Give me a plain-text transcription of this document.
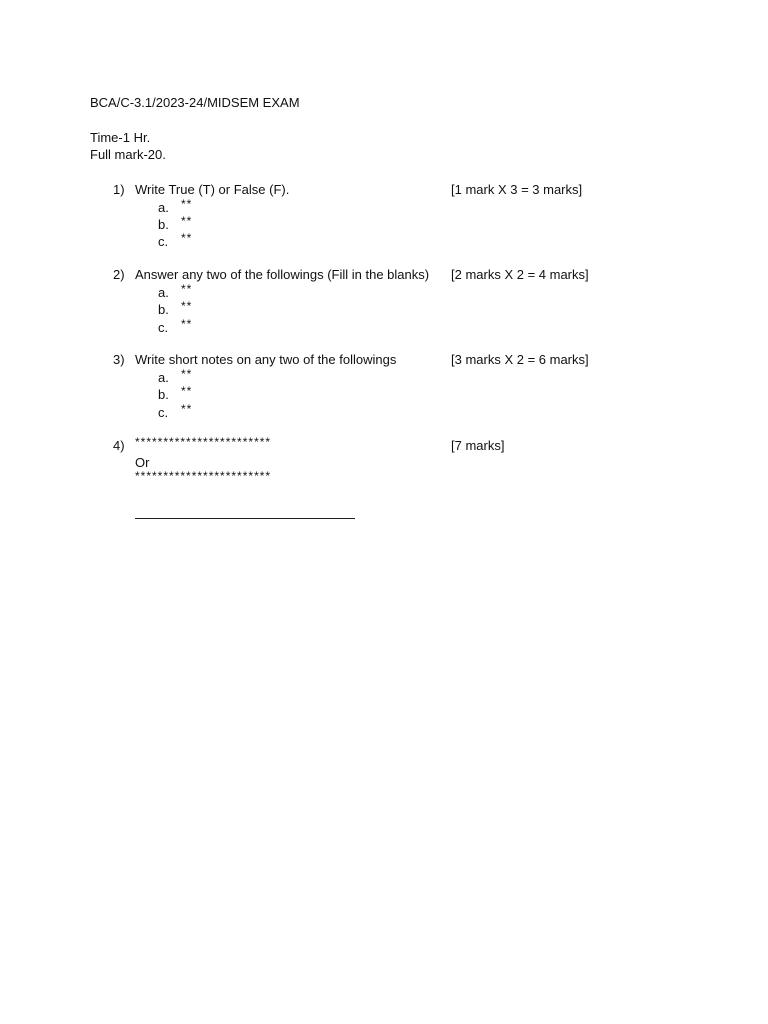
BCA/C-3.1/2023-24/MIDSEM EXAM
Time-1 Hr.
Full mark-20.
1) Write True (T) or False (F).	[1 mark X 3 = 3 marks]
a. **
b. **
c. **
2) Answer any two of the followings (Fill in the blanks) [2 marks X 2 = 4 marks]
a. **
b. **
c. **
3) Write short notes on any two of the followings	[3 marks X 2 = 6 marks]
a. **
b. **
c. **
4) ************************	[7 marks]
Or
************************
